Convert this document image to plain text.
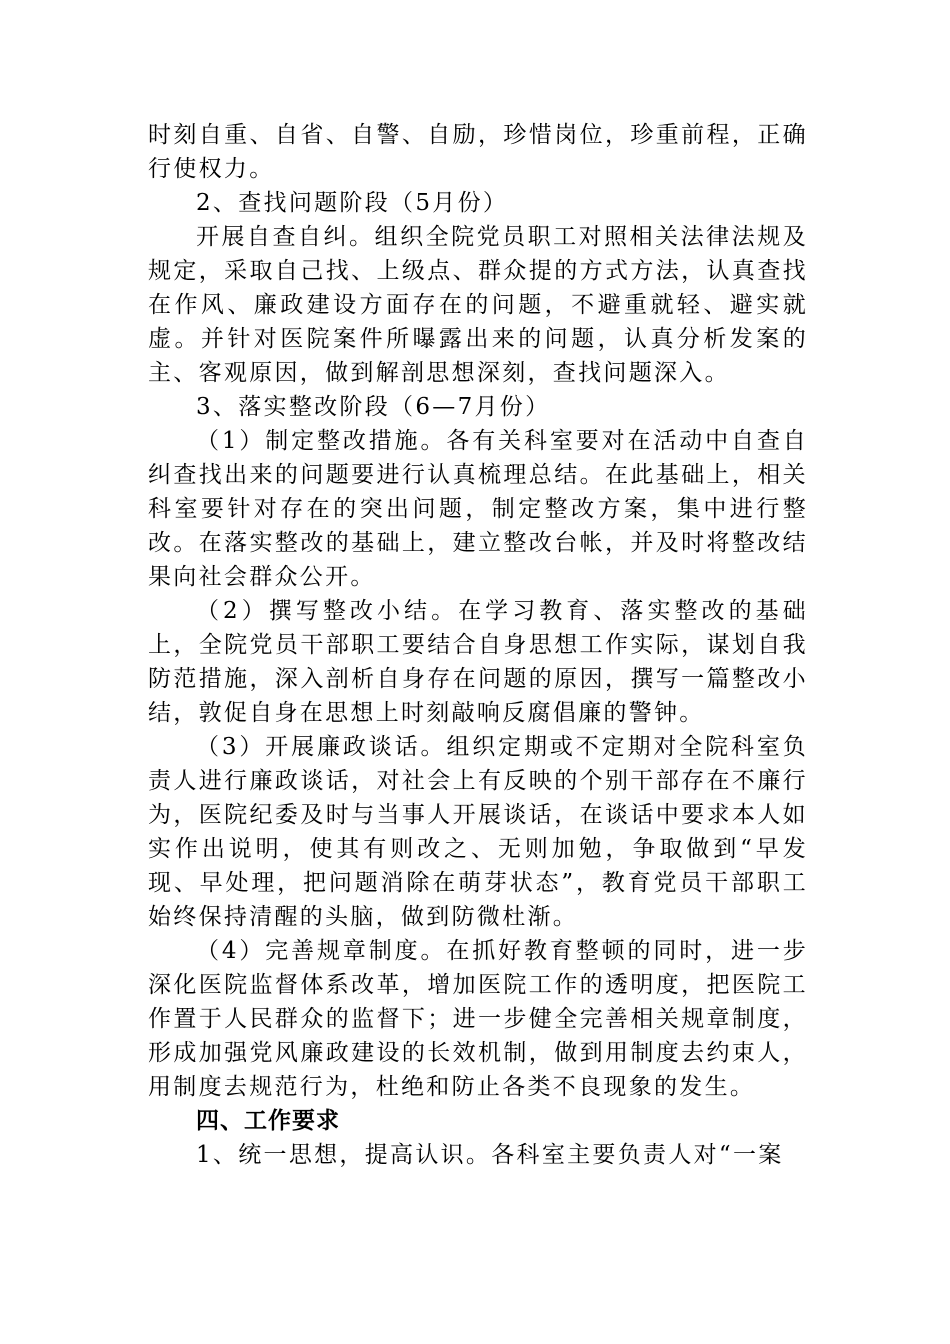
时刻自重、自省、自警、自励，珍惜岗位，珍重前程，正确行使权力。

2、查找问题阶段（5月份）

开展自查自纠。组织全院党员职工对照相关法律法规及规定，采取自己找、上级点、群众提的方式方法，认真查找在作风、廉政建设方面存在的问题，不避重就轻、避实就虚。并针对医院案件所曝露出来的问题，认真分析发案的主、客观原因，做到解剖思想深刻，查找问题深入。

3、落实整改阶段（6—7月份）

（1）制定整改措施。各有关科室要对在活动中自查自纠查找出来的问题要进行认真梳理总结。在此基础上，相关科室要针对存在的突出问题，制定整改方案，集中进行整改。在落实整改的基础上，建立整改台帐，并及时将整改结果向社会群众公开。

（2）撰写整改小结。在学习教育、落实整改的基础上，全院党员干部职工要结合自身思想工作实际，谋划自我防范措施，深入剖析自身存在问题的原因，撰写一篇整改小结，敦促自身在思想上时刻敲响反腐倡廉的警钟。

（3）开展廉政谈话。组织定期或不定期对全院科室负责人进行廉政谈话，对社会上有反映的个别干部存在不廉行为，医院纪委及时与当事人开展谈话，在谈话中要求本人如实作出说明，使其有则改之、无则加勉，争取做到“早发现、早处理，把问题消除在萌芽状态”，教育党员干部职工始终保持清醒的头脑，做到防微杜渐。

（4）完善规章制度。在抓好教育整顿的同时，进一步深化医院监督体系改革，增加医院工作的透明度，把医院工作置于人民群众的监督下；进一步健全完善相关规章制度，形成加强党风廉政建设的长效机制，做到用制度去约束人，用制度去规范行为，杜绝和防止各类不良现象的发生。

四、工作要求

1、统一思想，提高认识。各科室主要负责人对“一案
